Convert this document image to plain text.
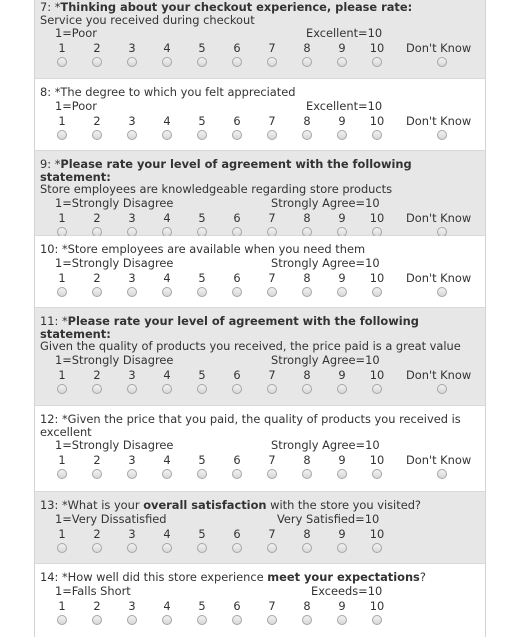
7: *Thinking about your checkout experience, please rate:
Service you received during checkout
1=Poor	Excellent=10
1	2	3	4	5	6	7	8	9	10	Don't Know
8: *The degree to which you felt appreciated
1=Poor	Excellent=10
1	2	3	4	5	6	7	8	9	10	Don't Know
9: *Please rate your level of agreement with the following statement:
Store employees are knowledgeable regarding store products
1=Strongly Disagree	Strongly Agree=10
1	2	3	4	5	6	7	8	9	10	Don't Know
10: *Store employees are available when you need them
1=Strongly Disagree	Strongly Agree=10
1	2	3	4	5	6	7	8	9	10	Don't Know
11: *Please rate your level of agreement with the following statement:
Given the quality of products you received, the price paid is a great value
1=Strongly Disagree	Strongly Agree=10
1	2	3	4	5	6	7	8	9	10	Don't Know
12: *Given the price that you paid, the quality of products you received is excellent
1=Strongly Disagree	Strongly Agree=10
1	2	3	4	5	6	7	8	9	10	Don't Know
13: *What is your overall satisfaction with the store you visited?
1=Very Dissatisfied	Very Satisfied=10
1	2	3	4	5	6	7	8	9	10
14: *How well did this store experience meet your expectations?
1=Falls Short	Exceeds=10
1	2	3	4	5	6	7	8	9	10
